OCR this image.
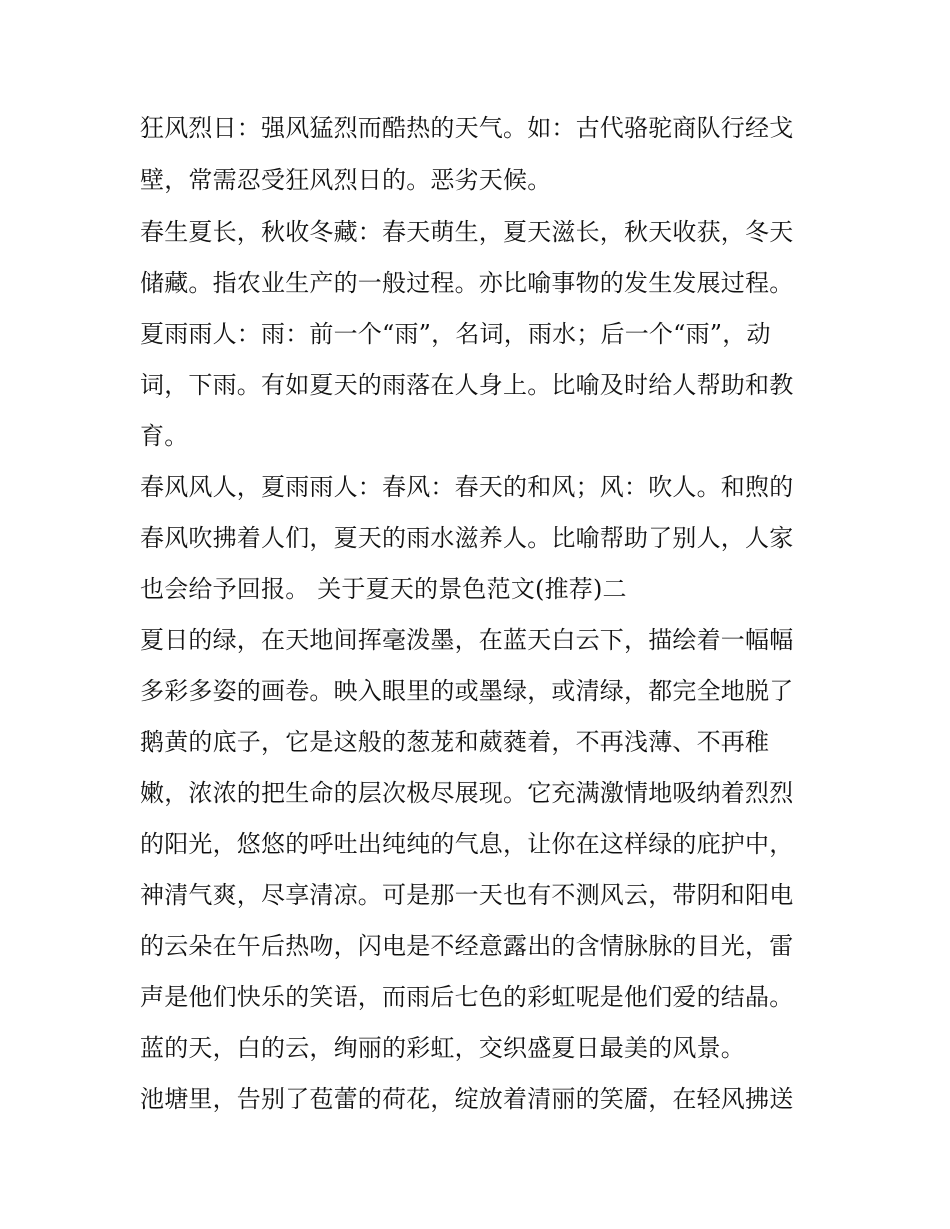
狂风烈日：强风猛烈而酷热的天气。如：古代骆驼商队行经戈
壁，常需忍受狂风烈日的。恶劣天候。
春生夏长，秋收冬藏：春天萌生，夏天滋长，秋天收获，冬天
储藏。指农业生产的一般过程。亦比喻事物的发生发展过程。
夏雨雨人：雨：前一个“雨”，名词，雨水；后一个“雨”，动
词，下雨。有如夏天的雨落在人身上。比喻及时给人帮助和教
育。
春风风人，夏雨雨人：春风：春天的和风；风：吹人。和煦的
春风吹拂着人们，夏天的雨水滋养人。比喻帮助了别人，人家
也会给予回报。 关于夏天的景色范文(推荐)二
夏日的绿，在天地间挥毫泼墨，在蓝天白云下，描绘着一幅幅
多彩多姿的画卷。映入眼里的或墨绿，或清绿，都完全地脱了
鹅黄的底子，它是这般的葱茏和葳蕤着，不再浅薄、不再稚
嫩，浓浓的把生命的层次极尽展现。它充满激情地吸纳着烈烈
的阳光，悠悠的呼吐出纯纯的气息，让你在这样绿的庇护中，
神清气爽，尽享清凉。可是那一天也有不测风云，带阴和阳电
的云朵在午后热吻，闪电是不经意露出的含情脉脉的目光，雷
声是他们快乐的笑语，而雨后七色的彩虹呢是他们爱的结晶。
蓝的天，白的云，绚丽的彩虹，交织盛夏日最美的风景。
池塘里，告别了苞蕾的荷花，绽放着清丽的笑靥，在轻风拂送
